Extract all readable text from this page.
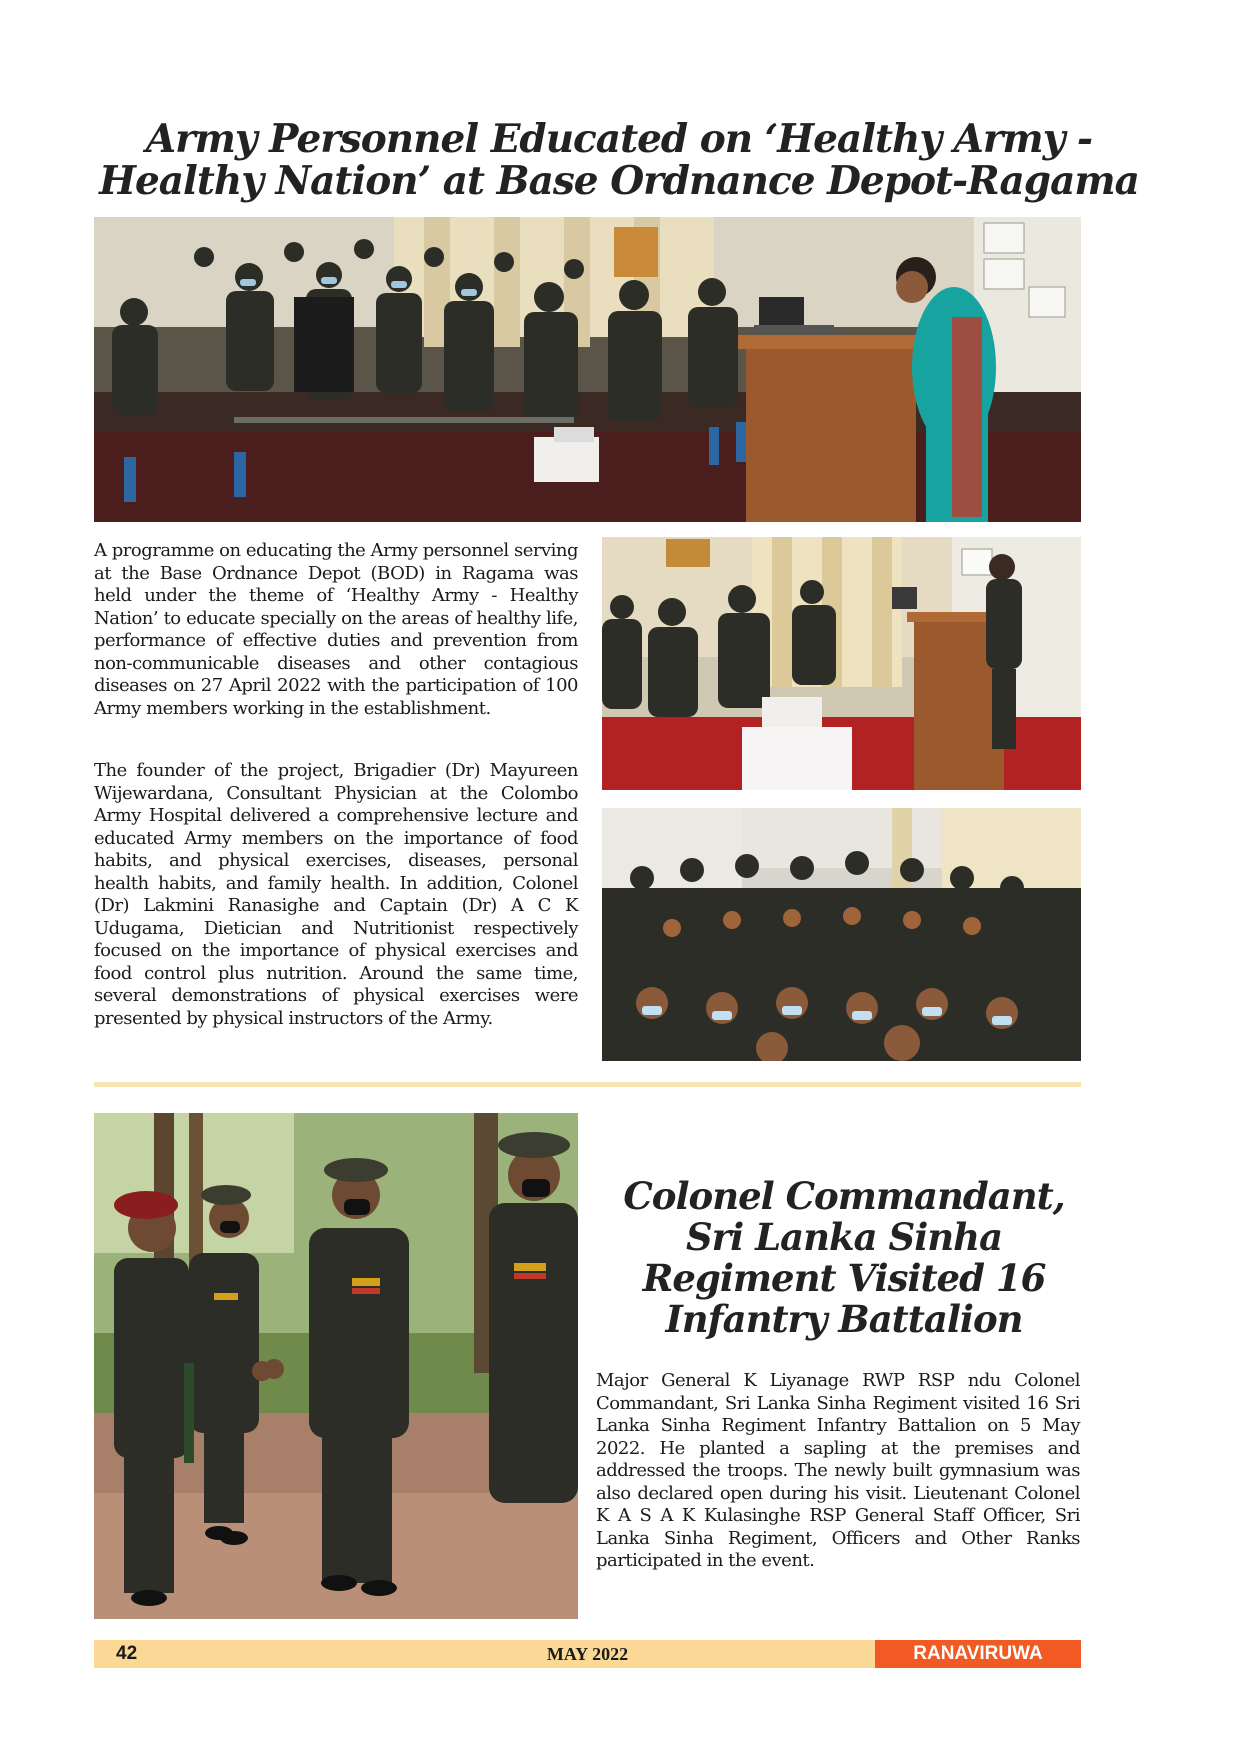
Army Personnel Educated on ‘Healthy Army - Healthy Nation’ at Base Ordnance Depot-Ragama

A programme on educating the Army personnel serving at the Base Ordnance Depot (BOD) in Ragama was held under the theme of ‘Healthy Army - Healthy Nation’ to educate specially on the areas of healthy life, performance of effective duties and prevention from non-communicable diseases and other contagious diseases on 27 April 2022 with the participation of 100 Army members working in the establishment.

The founder of the project, Brigadier (Dr) Mayureen Wijewardana, Consultant Physician at the Colombo Army Hospital delivered a comprehensive lecture and educated Army members on the importance of food habits, and physical exercises, diseases, personal health habits, and family health. In addition, Colonel (Dr) Lakmini Ranasighe and Captain (Dr) A C K Udugama, Dietician and Nutritionist respectively focused on the importance of physical exercises and food control plus nutrition. Around the same time, several demonstrations of physical exercises were presented by physical instructors of the Army.

Colonel Commandant, Sri Lanka Sinha Regiment Visited 16 Infantry Battalion

Major General K Liyanage RWP RSP ndu Colonel Commandant, Sri Lanka Sinha Regiment visited 16 Sri Lanka Sinha Regiment Infantry Battalion on 5 May 2022. He planted a sapling at the premises and addressed the troops. The newly built gymnasium was also declared open during his visit. Lieutenant Colonel K A S A K Kulasinghe RSP General Staff Officer, Sri Lanka Sinha Regiment, Officers and Other Ranks participated in the event.

42	MAY 2022	RANAVIRUWA
